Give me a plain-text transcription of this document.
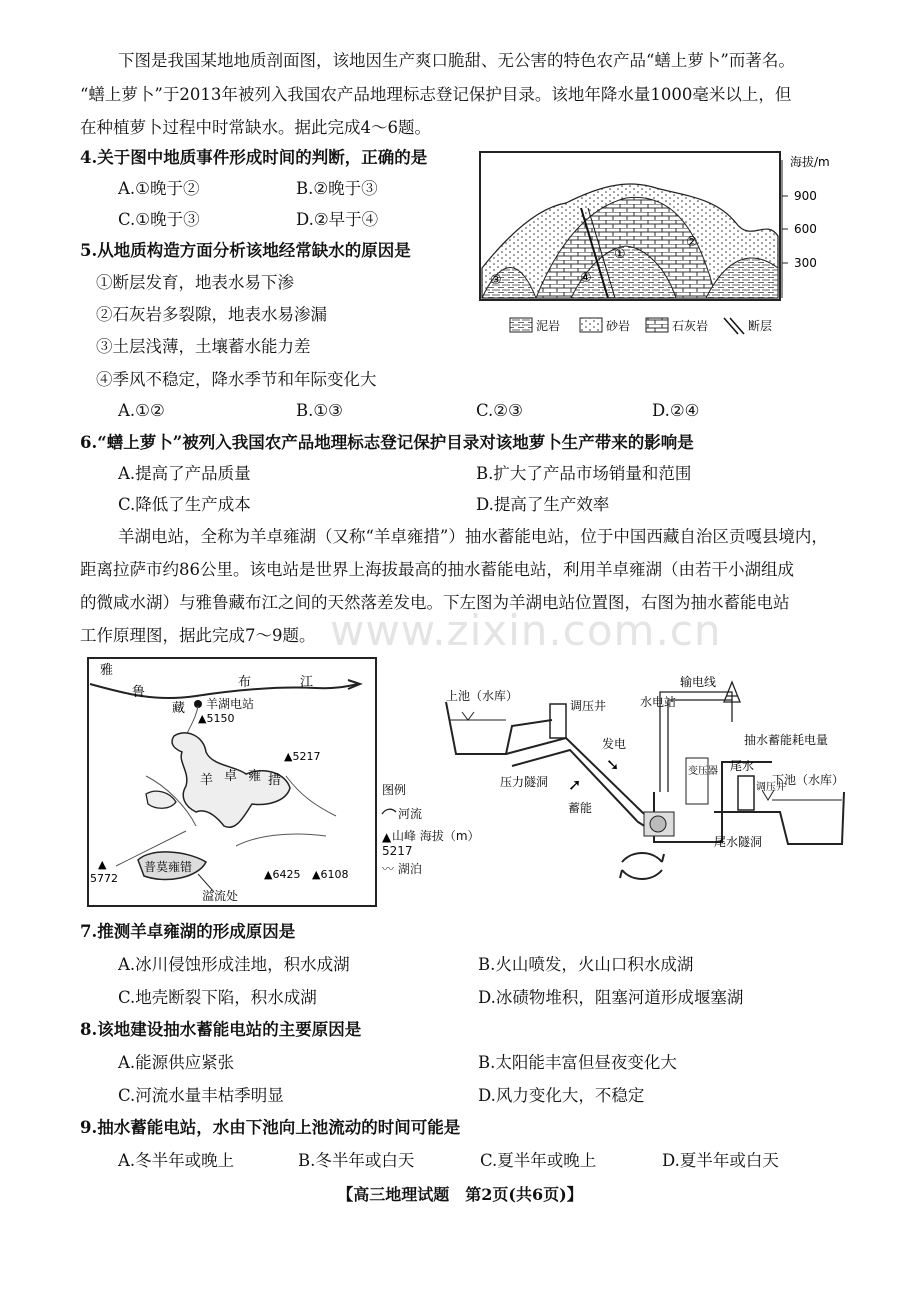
下图是我国某地地质剖面图，该地因生产爽口脆甜、无公害的特色农产品“蟮上萝卜”而著名。
“蟮上萝卜”于2013年被列入我国农产品地理标志登记保护目录。该地年降水量1000毫米以上，但
在种植萝卜过程中时常缺水。据此完成4～6题。
4.关于图中地质事件形成时间的判断，正确的是
A.①晚于②	B.②晚于③
C.①晚于③	D.②早于④
5.从地质构造方面分析该地经常缺水的原因是
①断层发育，地表水易下渗
②石灰岩多裂隙，地表水易渗漏
③土层浅薄，土壤蓄水能力差
④季风不稳定，降水季节和年际变化大
A.①②	B.①③	C.②③	D.②④
海拔/m
900
600
300
①
②
③	④
泥岩	砂岩	石灰岩	断层
6.“蟮上萝卜”被列入我国农产品地理标志登记保护目录对该地萝卜生产带来的影响是
A.提高了产品质量	B.扩大了产品市场销量和范围
C.降低了生产成本	D.提高了生产效率
羊湖电站，全称为羊卓雍湖（又称“羊卓雍措”）抽水蓄能电站，位于中国西藏自治区贡嘎县境内，
距离拉萨市约86公里。该电站是世界上海拔最高的抽水蓄能电站，利用羊卓雍湖（由若干小湖组成
的微咸水湖）与雅鲁藏布江之间的天然落差发电。下左图为羊湖电站位置图，右图为抽水蓄能电站
工作原理图，据此完成7～9题。 www.zixin.com.cn
雅
鲁
藏
布	江
羊湖电站
羊 卓 雍 措
普莫雍错
溢流处
▲5150
▲5217
▲6425 ▲6108
▲
5772
图例
河流
▲ 山峰 海拔（m）
5217
〰 湖泊
上池（水库）
调压井
压力隧洞
发电
➘
➚
蓄能
水电站
输电线
变压器
抽水蓄能耗电量
调压井
尾水
下池（水库）
尾水隧洞
7.推测羊卓雍湖的形成原因是
A.冰川侵蚀形成洼地，积水成湖	B.火山喷发，火山口积水成湖
C.地壳断裂下陷，积水成湖	D.冰碛物堆积，阻塞河道形成堰塞湖
8.该地建设抽水蓄能电站的主要原因是
A.能源供应紧张	B.太阳能丰富但昼夜变化大
C.河流水量丰枯季明显	D.风力变化大，不稳定
9.抽水蓄能电站，水由下池向上池流动的时间可能是
A.冬半年或晚上	B.冬半年或白天	C.夏半年或晚上	D.夏半年或白天
【高三地理试题　第2页(共6页)】
